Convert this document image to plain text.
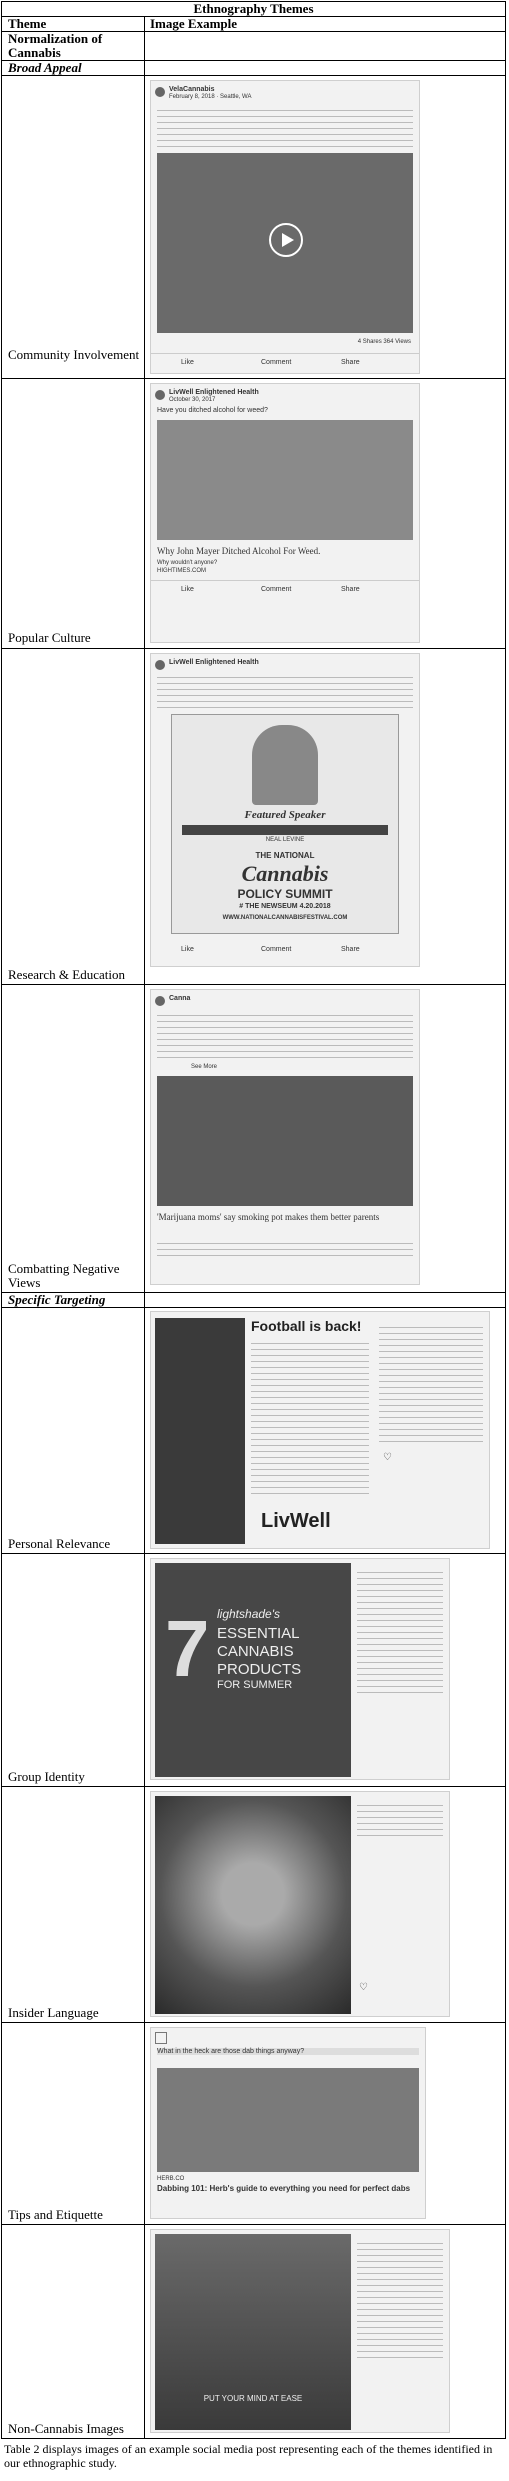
Ethnography Themes
Theme	Image Example
Normalization of Cannabis
Broad Appeal
Community Involvement
VelaCannabis
February 8, 2018 · Seattle, WA
4 Shares 364 Views
Like	Comment	Share
Popular Culture
LivWell Enlightened Health
October 30, 2017
Have you ditched alcohol for weed?
Why John Mayer Ditched Alcohol For Weed.
Why wouldn't anyone?
HIGHTIMES.COM
Like	Comment	Share
Research & Education
LivWell Enlightened Health
Featured Speaker
NEAL LEVINE
THE NATIONAL
Cannabis
POLICY SUMMIT
# THE NEWSEUM 4.20.2018
WWW.NATIONALCANNABISFESTIVAL.COM
Like	Comment	Share
Combatting Negative Views
Canna
See More
'Marijuana moms' say smoking pot makes them better parents
Specific Targeting
Personal Relevance
Football is back!
LivWell
♡
Group Identity
7 lightshade's
ESSENTIAL
CANNABIS
PRODUCTS
FOR SUMMER
Insider Language
♡
Tips and Etiquette
What in the heck are those dab things anyway?
HERB.CO
Dabbing 101: Herb's guide to everything you need for perfect dabs
Non-Cannabis Images
PUT YOUR MIND AT EASE
Table 2 displays images of an example social media post representing each of the themes identified in our ethnographic study.
